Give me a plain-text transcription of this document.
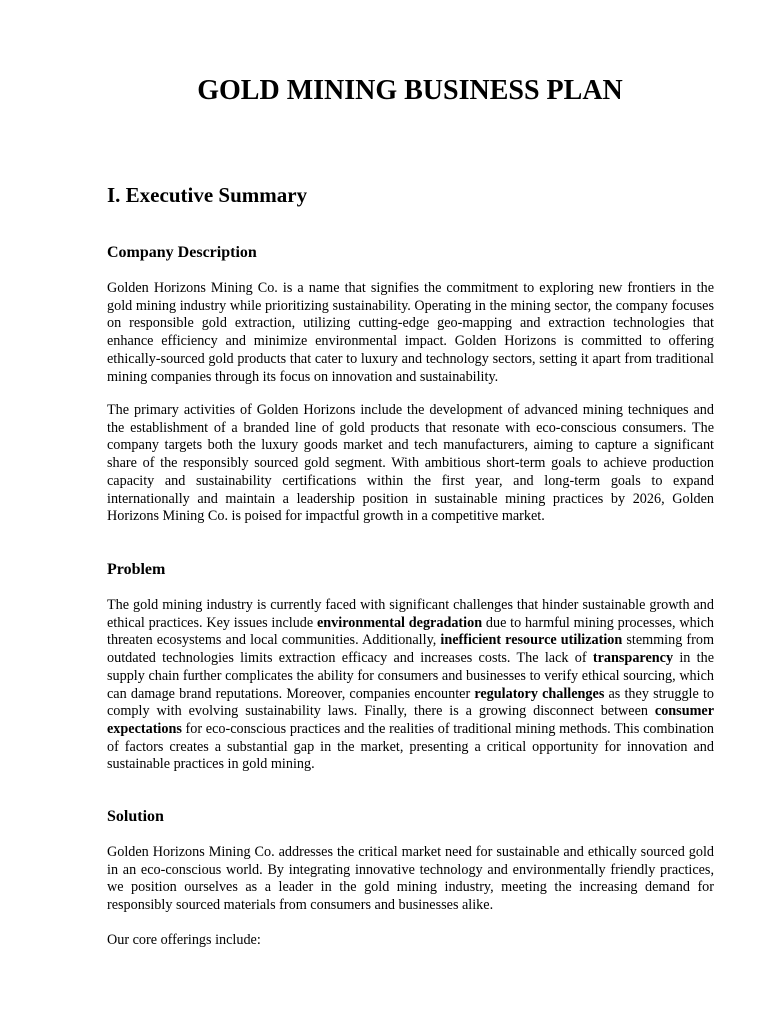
GOLD MINING BUSINESS PLAN
I. Executive Summary
Company Description

Golden Horizons Mining Co. is a name that signifies the commitment to exploring new frontiers in the gold mining industry while prioritizing sustainability. Operating in the mining sector, the company focuses on responsible gold extraction, utilizing cutting-edge geo-mapping and extraction technologies that enhance efficiency and minimize environmental impact. Golden Horizons is committed to offering ethically-sourced gold products that cater to luxury and technology sectors, setting it apart from traditional mining companies through its focus on innovation and sustainability.

The primary activities of Golden Horizons include the development of advanced mining techniques and the establishment of a branded line of gold products that resonate with eco-conscious consumers. The company targets both the luxury goods market and tech manufacturers, aiming to capture a significant share of the responsibly sourced gold segment. With ambitious short-term goals to achieve production capacity and sustainability certifications within the first year, and long-term goals to expand internationally and maintain a leadership position in sustainable mining practices by 2026, Golden Horizons Mining Co. is poised for impactful growth in a competitive market.

Problem

The gold mining industry is currently faced with significant challenges that hinder sustainable growth and ethical practices. Key issues include environmental degradation due to harmful mining processes, which threaten ecosystems and local communities. Additionally, inefficient resource utilization stemming from outdated technologies limits extraction efficacy and increases costs. The lack of transparency in the supply chain further complicates the ability for consumers and businesses to verify ethical sourcing, which can damage brand reputations. Moreover, companies encounter regulatory challenges as they struggle to comply with evolving sustainability laws. Finally, there is a growing disconnect between consumer expectations for eco-conscious practices and the realities of traditional mining methods. This combination of factors creates a substantial gap in the market, presenting a critical opportunity for innovation and sustainable practices in gold mining.

Solution

Golden Horizons Mining Co. addresses the critical market need for sustainable and ethically sourced gold in an eco-conscious world. By integrating innovative technology and environmentally friendly practices, we position ourselves as a leader in the gold mining industry, meeting the increasing demand for responsibly sourced materials from consumers and businesses alike.

Our core offerings include:
